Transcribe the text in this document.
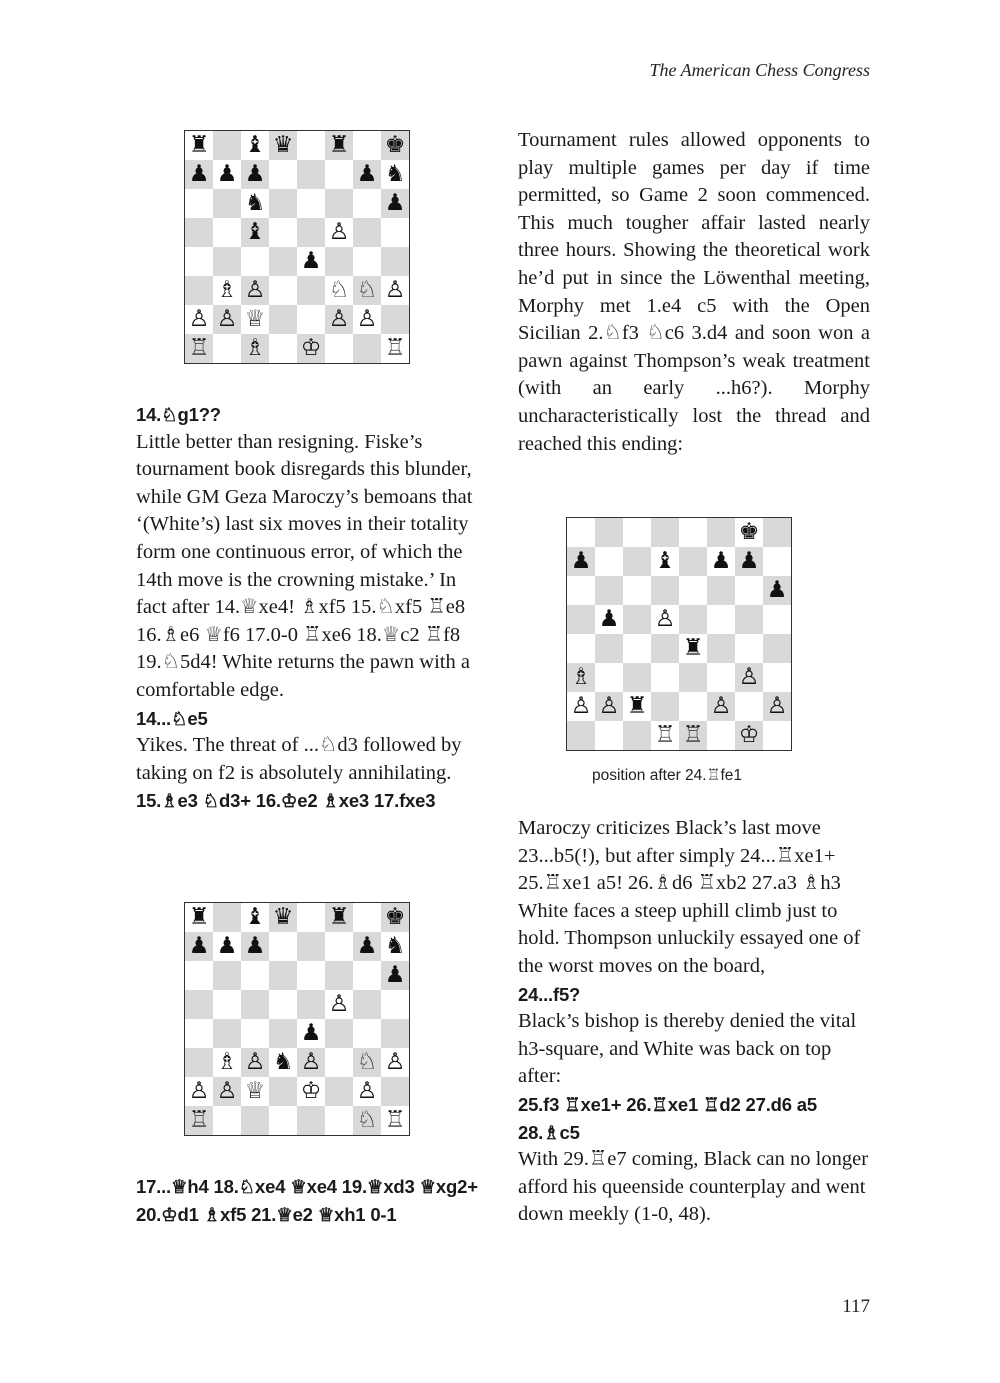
The American Chess Congress
♜ ♝ ♛ ♜ ♚
♟ ♟ ♟	♟ ♞
♞	♟
♝	♙
♟
♗ ♙	♘ ♘ ♙
♙ ♙ ♕	♙ ♙
♖ ♗ ♔	♖

14.♘g1??

Little better than resigning. Fiske’s tournament book disregards this blunder, while GM Geza Maroczy’s bemoans that ‘(White’s) last six moves in their totality form one continuous error, of which the 14th move is the crowning mistake.’ In fact after 14.♕xe4! ♗xf5 15.♘xf5 ♖e8 16.♗e6 ♕f6 17.0-0 ♖xe6 18.♕c2 ♖f8 19.♘5d4! White returns the pawn with a comfortable edge.

14...♘e5

Yikes. The threat of ...♘d3 followed by taking on f2 is absolutely annihilating.

15.♗e3 ♘d3+ 16.♔e2 ♗xe3 17.fxe3

♜ ♝ ♛ ♜ ♚
♟ ♟ ♟	♟ ♞
♟
♙
♟
♗ ♙ ♞ ♙ ♘ ♙
♙ ♙ ♕ ♔ ♙
♖	♘ ♖

17...♕h4 18.♘xe4 ♕xe4 19.♕xd3 ♕xg2+ 20.♔d1 ♗xf5 21.♕e2 ♕xh1 0-1

Tournament rules allowed opponents to play multiple games per day if time permitted, so Game 2 soon commenced. This much tougher affair lasted nearly three hours. Showing the theoretical work he’d put in since the Löwenthal meeting, Morphy met 1.e4 c5 with the Open Sicilian 2.♘f3 ♘c6 3.d4 and soon won a pawn against Thompson’s weak treatment (with an early ...h6?). Morphy uncharacteristically lost the thread and reached this ending:

♚
♟	♝ ♟ ♟
♟
♟ ♙
♜
♗	♙
♙ ♙ ♜	♙ ♙
♖ ♖ ♔
position after 24.♖fe1

Maroczy criticizes Black’s last move 23...b5(!), but after simply 24...♖xe1+ 25.♖xe1 a5! 26.♗d6 ♖xb2 27.a3 ♗h3 White faces a steep uphill climb just to hold. Thompson unluckily essayed one of the worst moves on the board,

24...f5?

Black’s bishop is thereby denied the vital h3-square, and White was back on top after:

25.f3 ♖xe1+ 26.♖xe1 ♖d2 27.d6 a5 28.♗c5

With 29.♖e7 coming, Black can no longer afford his queenside counterplay and went down meekly (1-0, 48).

117
